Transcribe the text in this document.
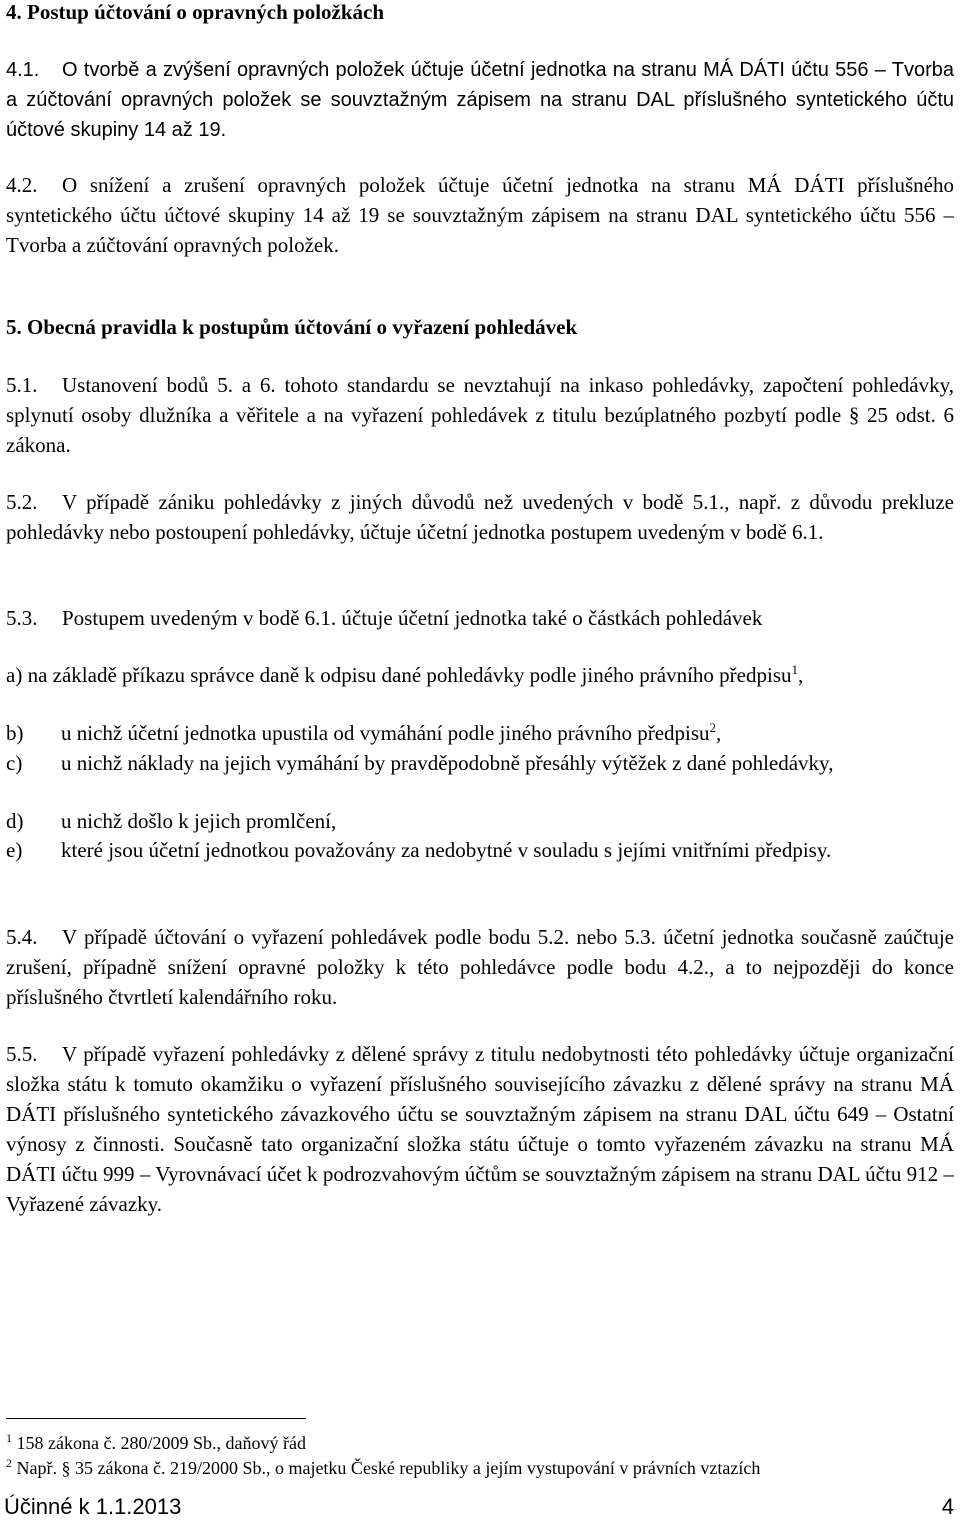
4. Postup účtování o opravných položkách
4.1. O tvorbě a zvýšení opravných položek účtuje účetní jednotka na stranu MÁ DÁTI účtu 556 – Tvorba a zúčtování opravných položek se souvztažným zápisem na stranu DAL příslušného syntetického účtu účtové skupiny 14 až 19.
4.2. O snížení a zrušení opravných položek účtuje účetní jednotka na stranu MÁ DÁTI příslušného syntetického účtu účtové skupiny 14 až 19 se souvztažným zápisem na stranu DAL syntetického účtu 556 – Tvorba a zúčtování opravných položek.
5. Obecná pravidla k postupům účtování o vyřazení pohledávek
5.1. Ustanovení bodů 5. a 6. tohoto standardu se nevztahují na inkaso pohledávky, započtení pohledávky, splynutí osoby dlužníka a věřitele a na vyřazení pohledávek z titulu bezúplatného pozbytí podle § 25 odst. 6 zákona.
5.2. V případě zániku pohledávky z jiných důvodů než uvedených v bodě 5.1., např. z důvodu prekluze pohledávky nebo postoupení pohledávky, účtuje účetní jednotka postupem uvedeným v bodě 6.1.
5.3. Postupem uvedeným v bodě 6.1. účtuje účetní jednotka také o částkách pohledávek
a) na základě příkazu správce daně k odpisu dané pohledávky podle jiného právního předpisu$^1$,
b) u nichž účetní jednotka upustila od vymáhání podle jiného právního předpisu$^2$,
c) u nichž náklady na jejich vymáhání by pravděpodobně přesáhly výtěžek z dané pohledávky,
d) u nichž došlo k jejich promlčení,
e) které jsou účetní jednotkou považovány za nedobytné v souladu s jejími vnitřními předpisy.
5.4. V případě účtování o vyřazení pohledávek podle bodu 5.2. nebo 5.3. účetní jednotka současně zaúčtuje zrušení, případně snížení opravné položky k této pohledávce podle bodu 4.2., a to nejpozději do konce příslušného čtvrtletí kalendářního roku.
5.5. V případě vyřazení pohledávky z dělené správy z titulu nedobytnosti této pohledávky účtuje organizační složka státu k tomuto okamžiku o vyřazení příslušného souvisejícího závazku z dělené správy na stranu MÁ DÁTI příslušného syntetického závazkového účtu se souvztažným zápisem na stranu DAL účtu 649 – Ostatní výnosy z činnosti. Současně tato organizační složka státu účtuje o tomto vyřazeném závazku na stranu MÁ DÁTI účtu 999 – Vyrovnávací účet k podrozvahovým účtům se souvztažným zápisem na stranu DAL účtu 912 – Vyřazené závazky.
$^1$ 158 zákona č. 280/2009 Sb., daňový řád
$^2$ Např. § 35 zákona č. 219/2000 Sb., o majetku České republiky a jejím vystupování v právních vztazích
Účinné k 1.1.2013	4
